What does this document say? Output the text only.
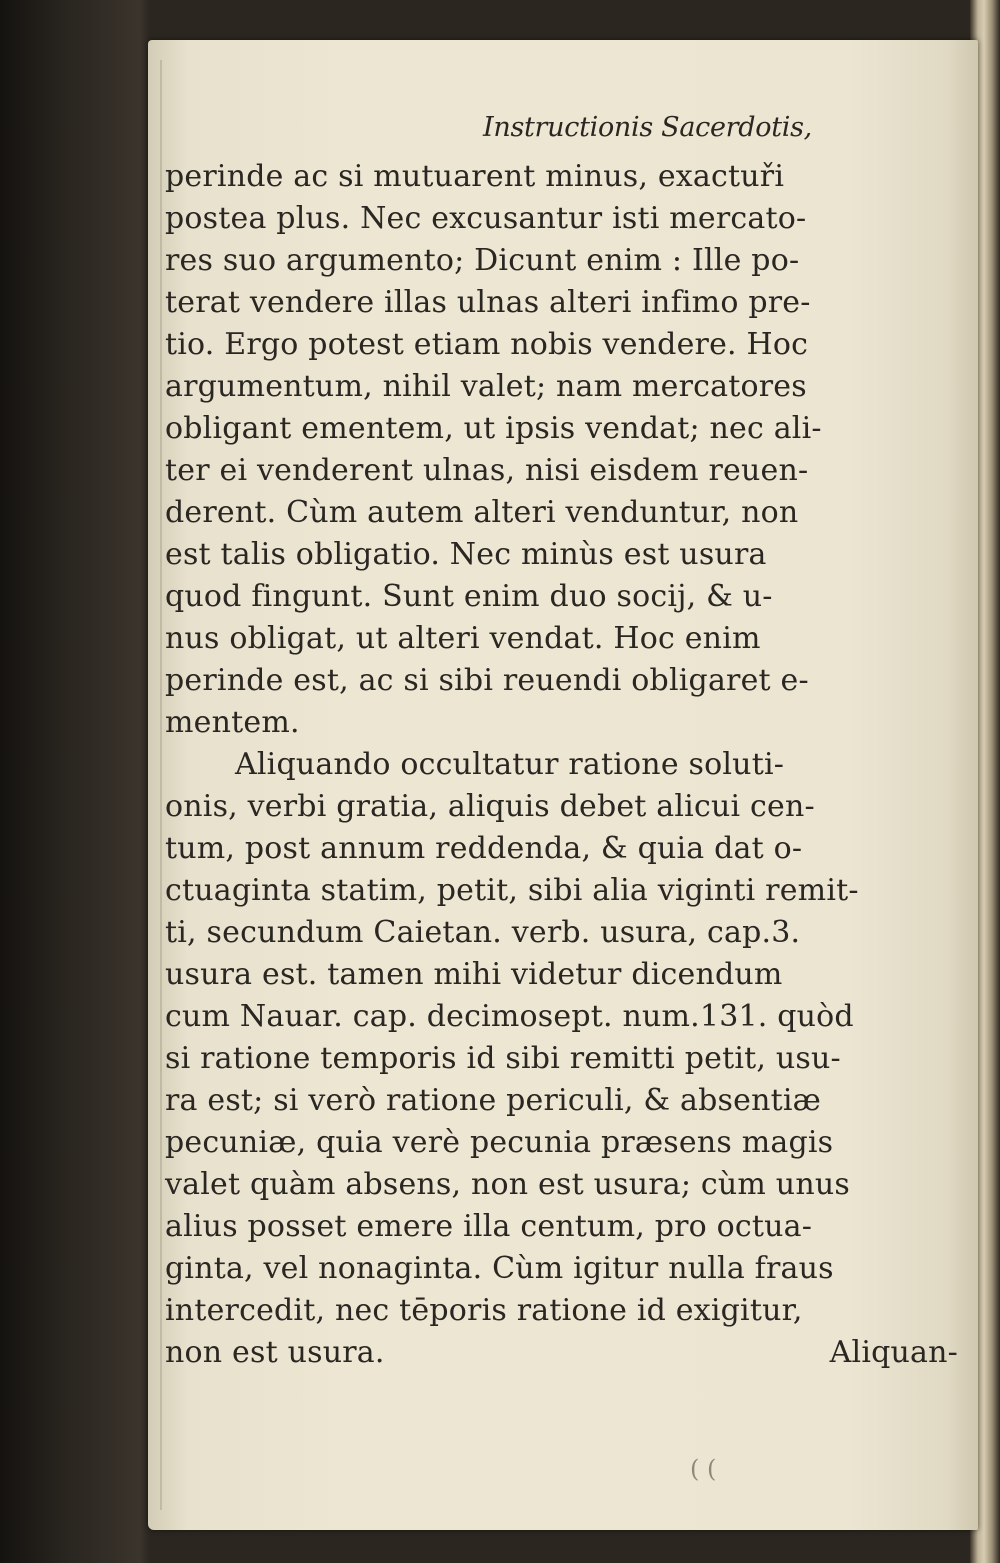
Instructionis Sacerdotis,
perinde ac si mutuarent minus, exactuři
postea plus. Nec excusantur isti mercato-
res suo argumento; Dicunt enim : Ille po-
terat vendere illas ulnas alteri infimo pre-
tio. Ergo potest etiam nobis vendere. Hoc
argumentum, nihil valet; nam mercatores
obligant ementem, ut ipsis vendat; nec ali-
ter ei venderent ulnas, nisi eisdem reuen-
derent. Cùm autem alteri venduntur, non
est talis obligatio. Nec minùs est usura
quod fingunt. Sunt enim duo socij, & u-
nus obligat, ut alteri vendat. Hoc enim
perinde est, ac si sibi reuendi obligaret e-
mentem.
Aliquando occultatur ratione soluti-
onis, verbi gratia, aliquis debet alicui cen-
tum, post annum reddenda, & quia dat o-
ctuaginta statim, petit, sibi alia viginti remit-
ti, secundum Caietan. verb. usura, cap.3.
usura est. tamen mihi videtur dicendum
cum Nauar. cap. decimosept. num.131. quòd
si ratione temporis id sibi remitti petit, usu-
ra est; si verò ratione periculi, & absentiæ
pecuniæ, quia verè pecunia præsens magis
valet quàm absens, non est usura; cùm unus
alius posset emere illa centum, pro octua-
ginta, vel nonaginta. Cùm igitur nulla fraus
intercedit, nec tēporis ratione id exigitur,
non est usura.	Aliquan-
( (
